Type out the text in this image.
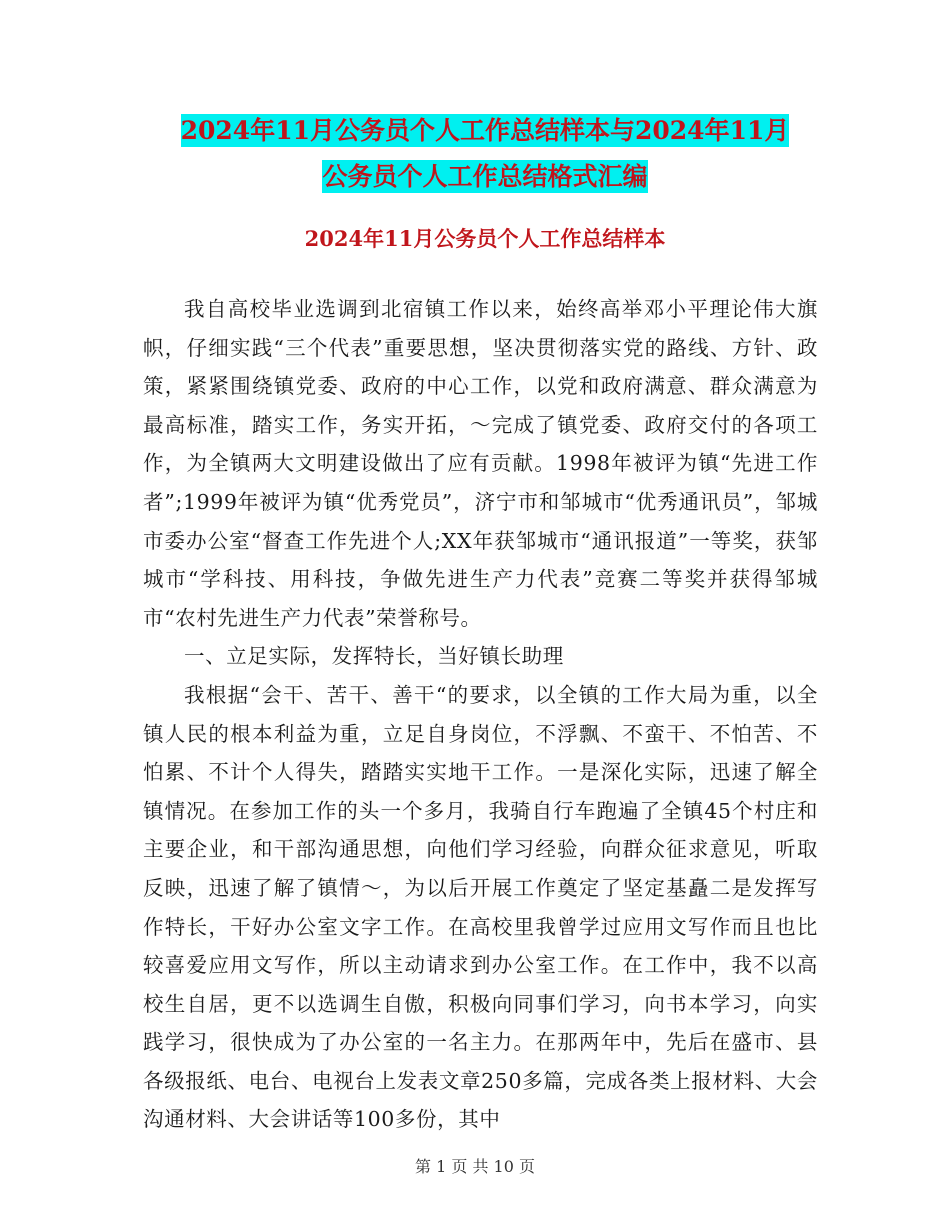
2024年11月公务员个人工作总结样本与2024年11月
公务员个人工作总结格式汇编
2024年11月公务员个人工作总结样本

我自高校毕业选调到北宿镇工作以来，始终高举邓小平理论伟大旗帜，仔细实践“三个代表”重要思想，坚决贯彻落实党的路线、方针、政策，紧紧围绕镇党委、政府的中心工作，以党和政府满意、群众满意为最高标准，踏实工作，务实开拓，～完成了镇党委、政府交付的各项工作，为全镇两大文明建设做出了应有贡献。1998年被评为镇“先进工作者”;1999年被评为镇“优秀党员”，济宁市和邹城市“优秀通讯员”，邹城市委办公室“督查工作先进个人;XX年获邹城市“通讯报道”一等奖，获邹城市“学科技、用科技，争做先进生产力代表”竞赛二等奖并获得邹城市“农村先进生产力代表”荣誉称号。

一、立足实际，发挥特长，当好镇长助理

我根据“会干、苦干、善干“的要求，以全镇的工作大局为重，以全镇人民的根本利益为重，立足自身岗位，不浮飘、不蛮干、不怕苦、不怕累、不计个人得失，踏踏实实地干工作。一是深化实际，迅速了解全镇情况。在参加工作的头一个多月，我骑自行车跑遍了全镇45个村庄和主要企业，和干部沟通思想，向他们学习经验，向群众征求意见，听取反映，迅速了解了镇情～，为以后开展工作奠定了坚定基矗二是发挥写作特长，干好办公室文字工作。在高校里我曾学过应用文写作而且也比较喜爱应用文写作，所以主动请求到办公室工作。在工作中，我不以高校生自居，更不以选调生自傲，积极向同事们学习，向书本学习，向实践学习，很快成为了办公室的一名主力。在那两年中，先后在盛市、县各级报纸、电台、电视台上发表文章250多篇，完成各类上报材料、大会沟通材料、大会讲话等100多份，其中

第 1 页 共 10 页
